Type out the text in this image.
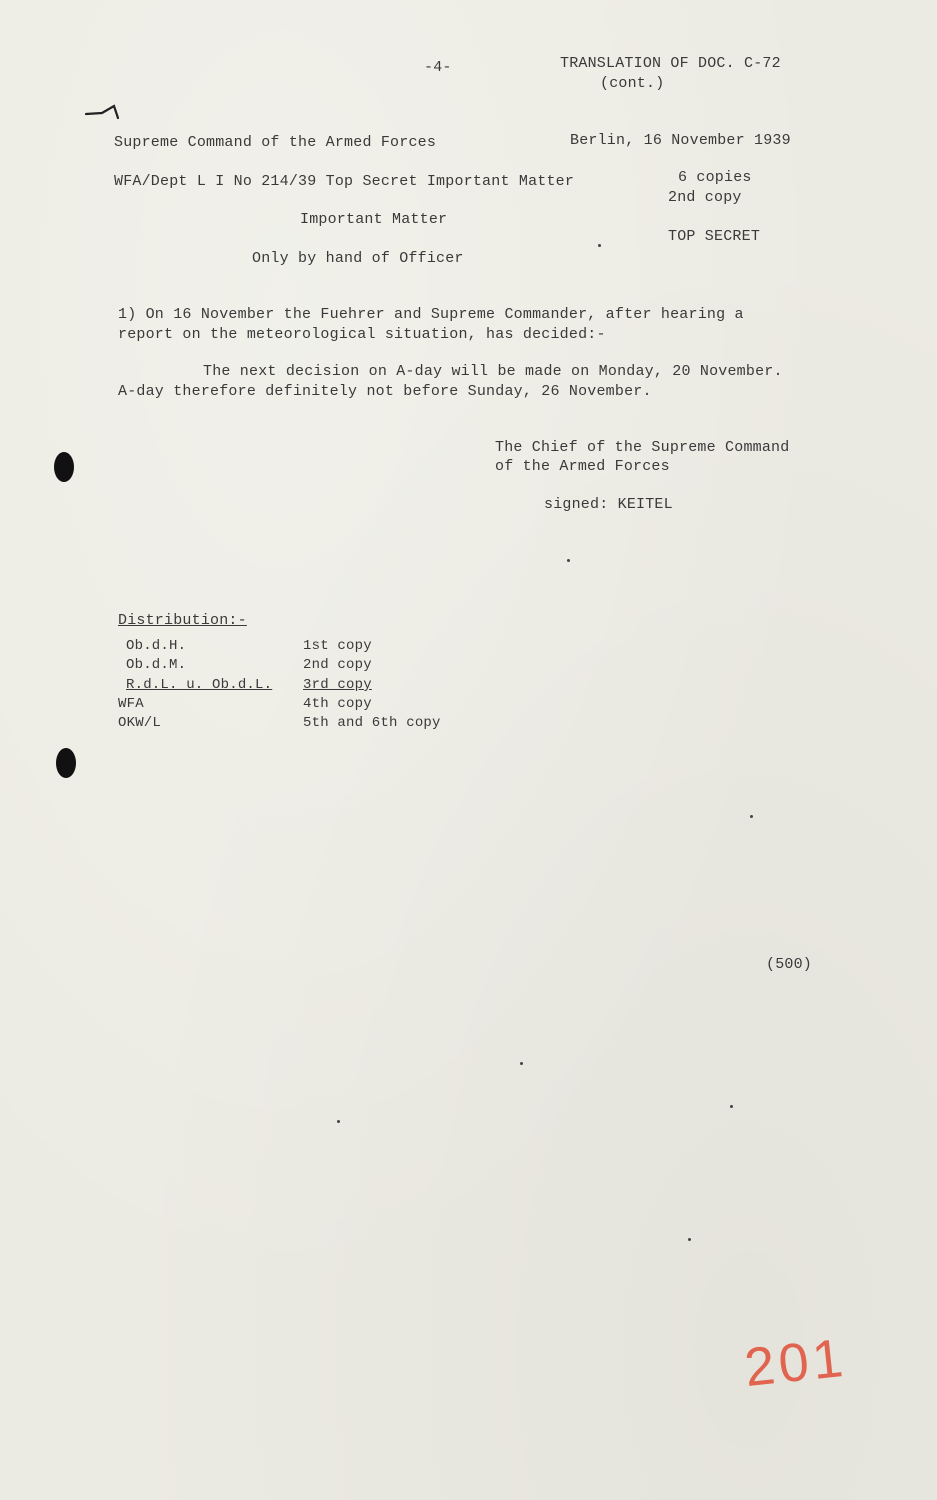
-4-	TRANSLATION OF DOC. C-72
(cont.)
Supreme Command of the Armed Forces	Berlin, 16 November 1939
WFA/Dept L I No 214/39 Top Secret Important Matter	6 copies
2nd copy
Important Matter
TOP SECRET
Only by hand of Officer
1) On 16 November the Fuehrer and Supreme Commander, after hearing a
report on the meteorological situation, has decided:-
The next decision on A-day will be made on Monday, 20 November.
A-day therefore definitely not before Sunday, 26 November.
The Chief of the Supreme Command
of the Armed Forces
signed: KEITEL
Distribution:-
Ob.d.H.	1st copy
Ob.d.M.	2nd copy
R.d.L. u. Ob.d.L. 3rd copy
WFA	4th copy
OKW/L	5th and 6th copy
(500)
201
